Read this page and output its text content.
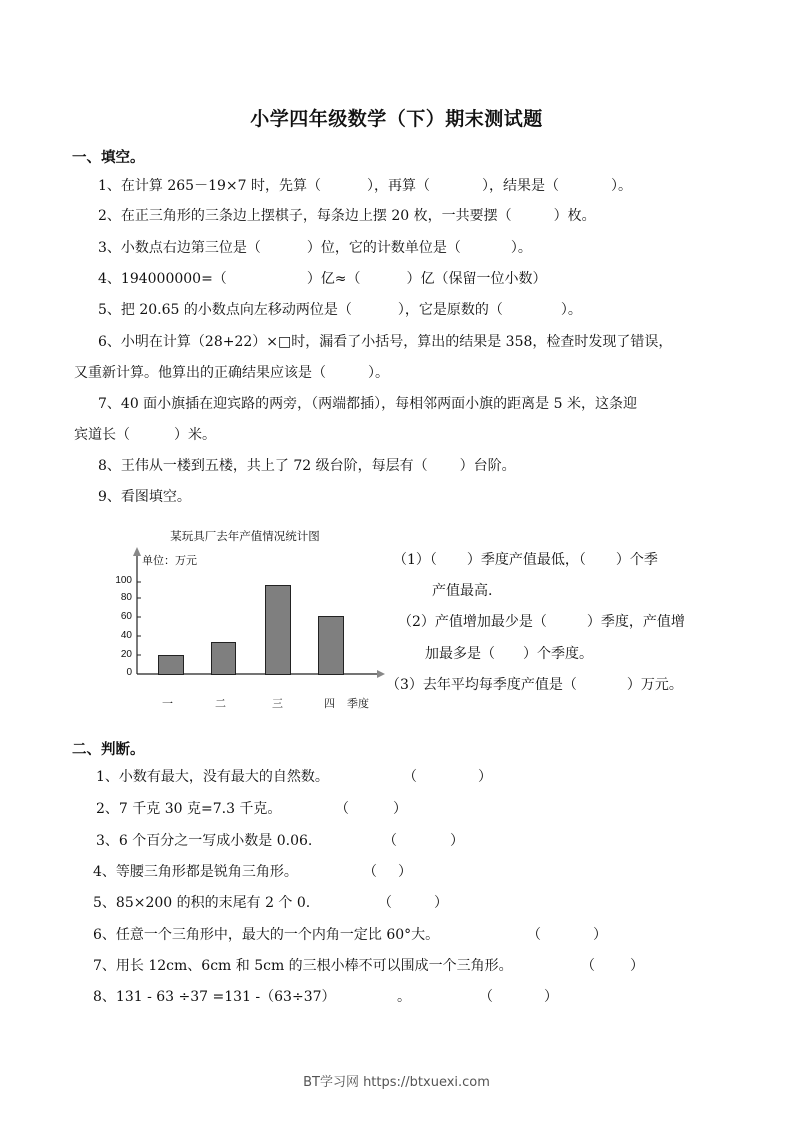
小学四年级数学（下）期末测试题
一、填空。
1、在计算 265－19×7 时，先算（	），再算（	），结果是（	）。
2、在正三角形的三条边上摆棋子，每条边上摆 20 枚，一共要摆（	）枚。
3、小数点右边第三位是（	）位，它的计数单位是（	）。
4、194000000=（	）亿≈（	）亿（保留一位小数）
5、把 20.65 的小数点向左移动两位是（	），它是原数的（	）。
6、小明在计算（28+22）×□时，漏看了小括号，算出的结果是 358，检查时发现了错误，
又重新计算。他算出的正确结果应该是（	）。
7、40 面小旗插在迎宾路的两旁，（两端都插），每相邻两面小旗的距离是 5 米，这条迎
宾道长（	）米。
8、王伟从一楼到五楼，共上了 72 级台阶，每层有（ ）台阶。
9、看图填空。
某玩具厂去年产值情况统计图
单位：万元
0
20
40
60
80
100
一	二	三	四 季度
（1）（ ）季度产值最低，（ ）个季
产值最高.
（2）产值增加最少是（	）季度，产值增
加最多是（ ）个季度。
（3）去年平均每季度产值是（	）万元。
二、判断。
1、小数有最大，没有最大的自然数。	（	）
2、7 千克 30 克=7.3 千克。	（	）
3、6 个百分之一写成小数是 0.06.	（	）
4、等腰三角形都是锐角三角形。	（ ）
5、85×200 的积的末尾有 2 个 0.	（	）
6、任意一个三角形中，最大的一个内角一定比 60°大。	（	）
7、用长 12cm、6cm 和 5cm 的三根小棒不可以围成一个三角形。	（	）
8、131 - 63 ÷37 =131 -（63÷37）	。	（	）
BT学习网 https://btxuexi.com
